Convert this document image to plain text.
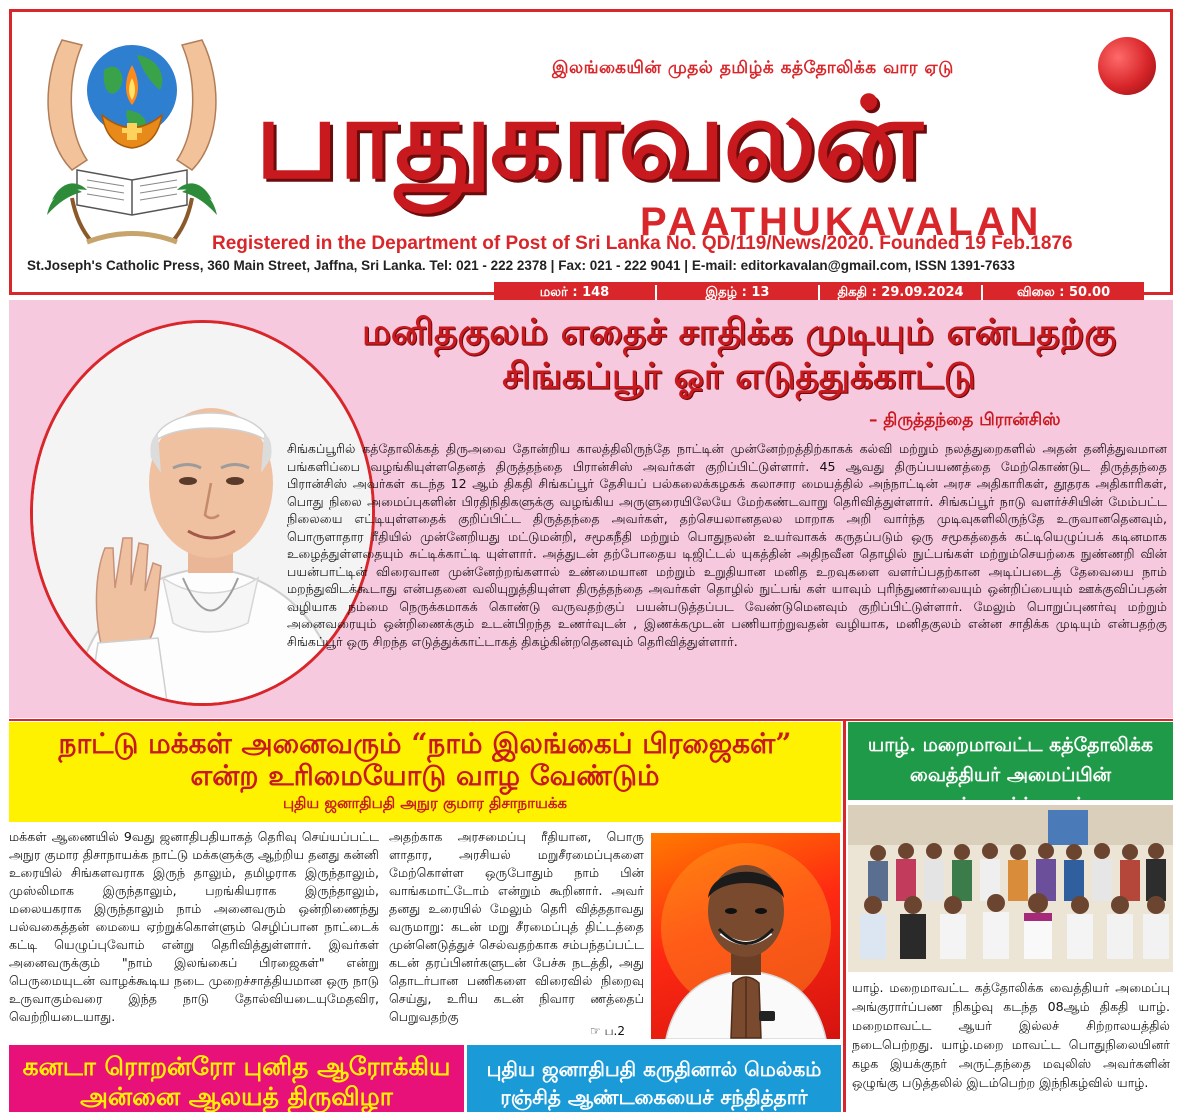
இலங்கையின் முதல் தமிழ்க் கத்தோலிக்க வார ஏடு
பாதுகாவலன்
PAATHUKAVALAN
Registered in the Department of Post of Sri Lanka No. QD/119/News/2020. Founded 19 Feb.1876
St.Joseph's Catholic Press, 360 Main Street, Jaffna, Sri Lanka. Tel: 021 - 222 2378 | Fax: 021 - 222 9041 | E-mail: editorkavalan@gmail.com, ISSN 1391-7633
மலர் : 148	இதழ் : 13	திகதி : 29.09.2024	விலை : 50.00
மனிதகுலம் எதைச் சாதிக்க முடியும் என்பதற்கு
சிங்கப்பூர் ஓர் எடுத்துக்காட்டு
– திருத்தந்தை பிரான்சிஸ்
சிங்கப்பூரில் கத்தோலிக்கத் திருஅவை தோன்றிய காலத்திலிருந்தே நாட்டின் முன்னேற்றத்திற்காகக் கல்வி மற்றும் நலத்துறைகளில் அதன் தனித்துவமான பங்களிப்பை வழங்கியுள்ளதெனத் திருத்தந்தை பிரான்சிஸ் அவர்கள் குறிப்பிட்டுள்ளார். 45 ஆவது திருப்பயணத்தை மேற்கொண்டுட திருத்தந்தை பிரான்சிஸ் அவர்கள் கடந்த 12 ஆம் திகதி சிங்கப்பூர் தேசியப் பல்கலைக்கழகக் கலாசார மையத்தில் அந்நாட்டின் அரச அதிகாரிகள், தூதரக அதிகாரிகள், பொது நிலை அமைப்புகளின் பிரதிநிதிகளுக்கு வழங்கிய அருளுரையிலேயே மேற்கண்டவாறு தெரிவித்துள்ளார். சிங்கப்பூர் நாடு வளர்ச்சியின் மேம்பட்ட நிலையை எட்டியுள்ளதைக் குறிப்பிட்ட திருத்தந்தை அவர்கள், தற்செயலானதலல மாறாக அறி வார்ந்த முடிவுகளிலிருந்தே உருவானதெனவும், பொருளாதார ரீதியில் முன்னேறியது மட்டுமன்றி, சமூகநீதி மற்றும் பொதுநலன் உயர்வாகக் கருதப்படும் ஒரு சமூகத்தைக் கட்டியெழுப்பக் கடினமாக உழைத்துள்ளதையும் சுட்டிக்காட்டி யுள்ளார். அத்துடன் தற்போதைய டிஜிட்டல் யுகத்தின் அதிநவீன தொழில் நுட்பங்கள் மற்றும்செயற்கை நுண்ணறி வின் பயன்பாட்டின் விரைவான முன்னேற்றங்களால் உண்மையான மற்றும் உறுதியான மனித உறவுகளை வளர்ப்பதற்கான அடிப்படைத் தேவையை நாம் மறந்துவிடக்கூடாது என்பதனை வலியுறுத்தியுள்ள திருத்தந்தை அவர்கள் தொழில் நுட்பங் கள் யாவும் புரிந்துணர்வையும் ஒன்றிப்பையும் ஊக்குவிப்பதன் வழியாக நம்மை நெருக்கமாகக் கொண்டு வருவதற்குப் பயன்படுத்தப்பட வேண்டுமெனவும் குறிப்பிட்டுள்ளார். மேலும் பொறுப்புணர்வு மற்றும் அனைவரையும் ஒன்றிணைக்கும் உடன்பிறந்த உணர்வுடன் , இணக்கமுடன் பணியாற்றுவதன் வழியாக, மனிதகுலம் என்ன சாதிக்க முடியும் என்பதற்கு சிங்கப்பூர் ஒரு சிறந்த எடுத்துக்காட்டாகத் திகழ்கின்றதெனவும் தெரிவித்துள்ளார்.
நாட்டு மக்கள் அனைவரும் “நாம் இலங்கைப் பிரஜைகள்”
என்ற உரிமையோடு வாழ வேண்டும்
புதிய ஜனாதிபதி அநுர குமார திசாநாயக்க
மக்கள் ஆணையில் 9வது ஜனாதிபதியாகத் தெரிவு செய்யப்பட்ட அநுர குமார திசாநாயக்க நாட்டு மக்களுக்கு ஆற்றிய தனது கன்னி உரையில் சிங்களவராக இருந் தாலும், தமிழராக இருந்தாலும், முஸ்லிமாக இருந்தாலும், பறங்கியராக இருந்தாலும், மலையகராக இருந்தாலும் நாம் அனைவரும் ஒன்றிணைந்து பல்வகைத்தன் மையை ஏற்றுக்கொள்ளும் செழிப்பான நாட்டைக் கட்டி யெழுப்புவோம் என்று தெரிவித்துள்ளார். இவர்கள் அனைவருக்கும் "நாம் இலங்கைப் பிரஜைகள்" என்று பெருமையுடன் வாழக்கூடிய நடை முறைச்சாத்தியமான ஒரு நாடு உருவாகும்வரை இந்த நாடு தோல்வியடையுமேதவிர, வெற்றியடையாது.
அதற்காக அரசமைப்பு ரீதியான, பொரு ளாதார, அரசியல் மறுசீரமைப்புகளை மேற்கொள்ள ஒருபோதும் நாம் பின் வாங்கமாட்டோம் என்றும் கூறினார். அவர் தனது உரையில் மேலும் தெரி வித்ததாவது வருமாறு: கடன் மறு சீரமைப்புத் திட்டத்தை முன்னெடுத்துச் செல்வதற்காக சம்பந்தப்பட்ட கடன் தரப்பினர்களுடன் பேச்சு நடத்தி, அது தொடர்பான பணிகளை விரைவில் நிறைவு செய்து, உரிய கடன் நிவார ணத்தைப் பெறுவதற்கு
☞ ப.2
யாழ். மறைமாவட்ட கத்தோலிக்க
வைத்தியர் அமைப்பின்
யாழ். மறைமாவட்ட கத்தோலிக்க வைத்தியர் அமைப்பு அங்குரார்ப்பண நிகழ்வு கடந்த 08ஆம் திகதி யாழ். மறைமாவட்ட ஆயர் இல்லச் சிற்றாலயத்தில் நடைபெற்றது. யாழ்.மறை மாவட்ட பொதுநிலையினர் கழக இயக்குநர் அருட்தந்தை மவுலிஸ் அவர்களின் ஒழுங்கு படுத்தலில் இடம்பெற்ற இந்நிகழ்வில் யாழ்.
கனடா ரொறன்ரோ புனித ஆரோக்கிய
அன்னை ஆலயத் திருவிழா
புதிய ஜனாதிபதி கருதினால் மெல்கம்
ரஞ்சித் ஆண்டகையைச் சந்தித்தார்
